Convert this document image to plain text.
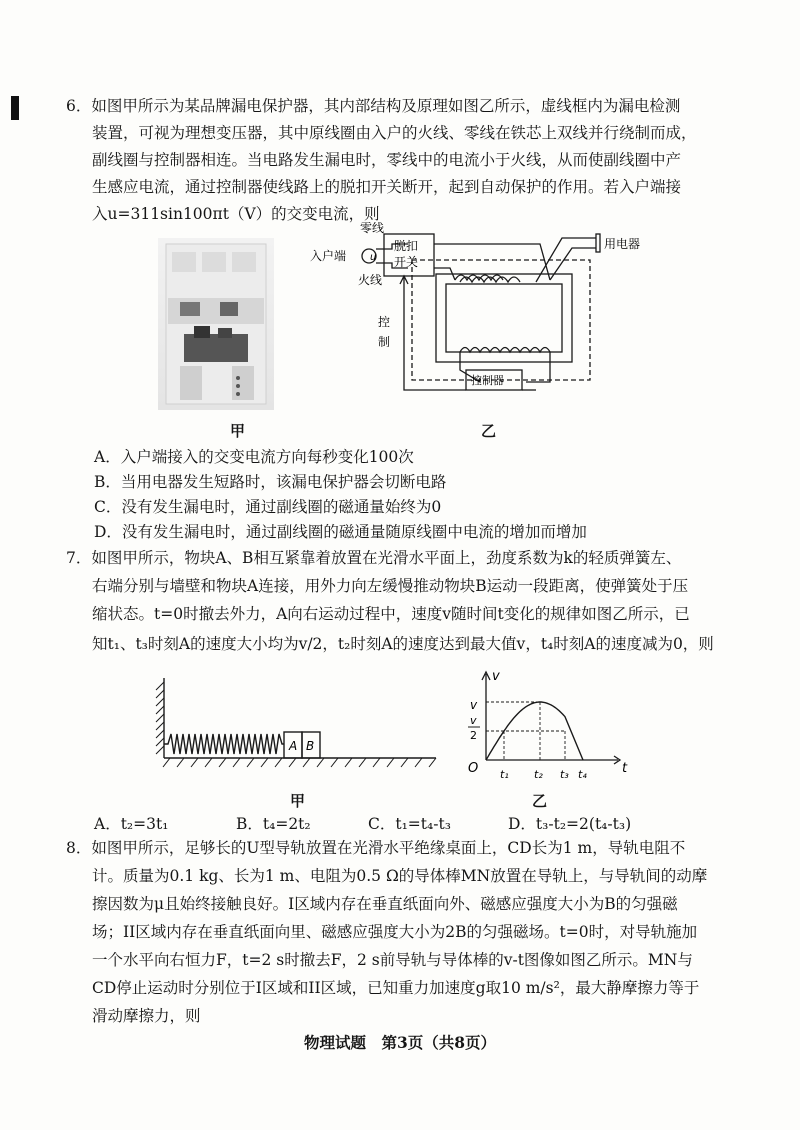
6．如图甲所示为某品牌漏电保护器，其内部结构及原理如图乙所示，虚线框内为漏电检测
装置，可视为理想变压器，其中原线圈由入户的火线、零线在铁芯上双线并行绕制而成，
副线圈与控制器相连。当电路发生漏电时，零线中的电流小于火线，从而使副线圈中产
生感应电流，通过控制器使线路上的脱扣开关断开，起到自动保护的作用。若入户端接
入u=311sin100πt（V）的交变电流，则
零线
入户端 u
脱扣
开关
火线
用电器
控
制
控制器
甲	乙
A．入户端接入的交变电流方向每秒变化100次
B．当用电器发生短路时，该漏电保护器会切断电路
C．没有发生漏电时，通过副线圈的磁通量始终为0
D．没有发生漏电时，通过副线圈的磁通量随原线圈中电流的增加而增加
7．如图甲所示，物块A、B相互紧靠着放置在光滑水平面上，劲度系数为k的轻质弹簧左、
右端分别与墙壁和物块A连接，用外力向左缓慢推动物块B运动一段距离，使弹簧处于压
缩状态。t=0时撤去外力，A向右运动过程中，速度v随时间t变化的规律如图乙所示，已
知t₁、t₃时刻A的速度大小均为v/2，t₂时刻A的速度达到最大值v，t₄时刻A的速度减为0，则
A B
v
t
O
v
v
2
t₁ t₂ t₃ t₄
甲	乙
A．t₂=3t₁	B．t₄=2t₂	C．t₁=t₄-t₃	D．t₃-t₂=2(t₄-t₃)
8．如图甲所示，足够长的U型导轨放置在光滑水平绝缘桌面上，CD长为1 m，导轨电阻不
计。质量为0.1 kg、长为1 m、电阻为0.5 Ω的导体棒MN放置在导轨上，与导轨间的动摩
擦因数为μ且始终接触良好。I区域内存在垂直纸面向外、磁感应强度大小为B的匀强磁
场；II区域内存在垂直纸面向里、磁感应强度大小为2B的匀强磁场。t=0时，对导轨施加
一个水平向右恒力F，t=2 s时撤去F，2 s前导轨与导体棒的v-t图像如图乙所示。MN与
CD停止运动时分别位于I区域和II区域，已知重力加速度g取10 m/s²，最大静摩擦力等于
滑动摩擦力，则
物理试题　第3页（共8页）
